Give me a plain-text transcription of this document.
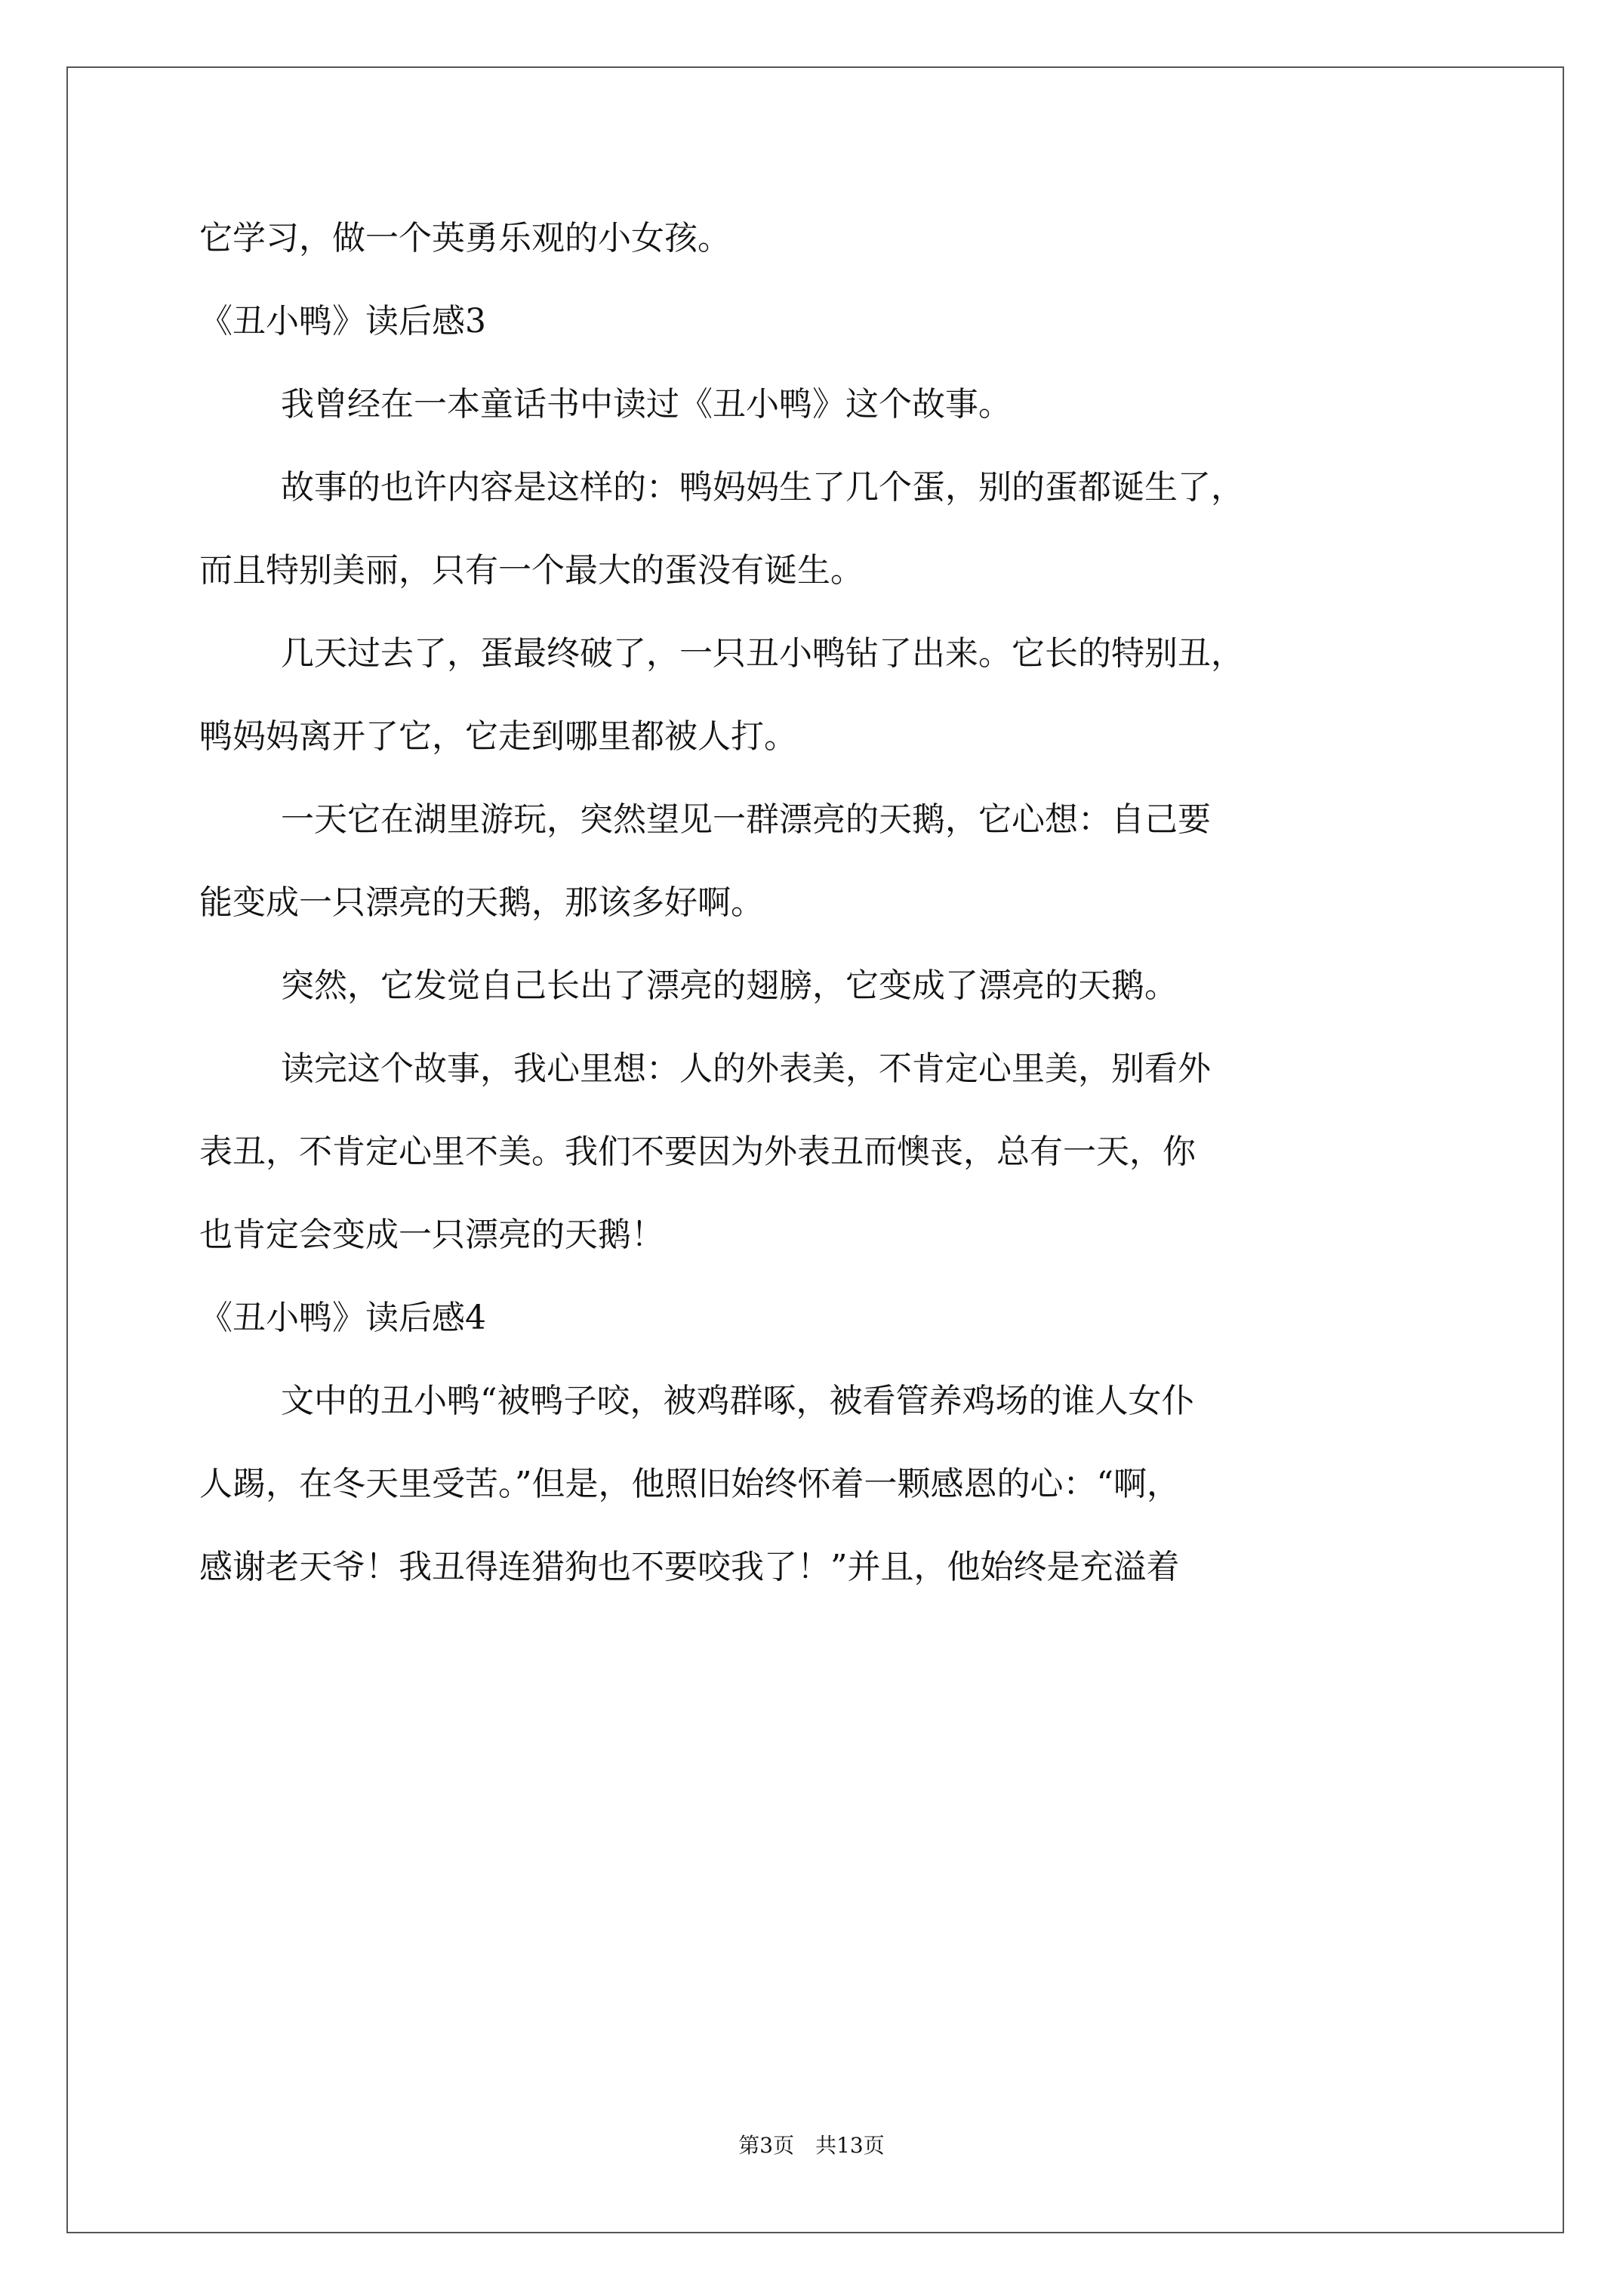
它学习，做一个英勇乐观的小女孩。
《丑小鸭》读后感3
我曾经在一本童话书中读过《丑小鸭》这个故事。
故事的也许内容是这样的：鸭妈妈生了几个蛋，别的蛋都诞生了，
而且特别美丽，只有一个最大的蛋没有诞生。
几天过去了，蛋最终破了，一只丑小鸭钻了出来。它长的特别丑，
鸭妈妈离开了它，它走到哪里都被人打。
一天它在湖里游玩，突然望见一群漂亮的天鹅，它心想：自己要
能变成一只漂亮的天鹅，那该多好啊。
突然，它发觉自己长出了漂亮的翅膀，它变成了漂亮的天鹅。
读完这个故事，我心里想：人的外表美，不肯定心里美，别看外
表丑，不肯定心里不美。我们不要因为外表丑而懊丧，总有一天，你
也肯定会变成一只漂亮的天鹅！
《丑小鸭》读后感4
文中的丑小鸭“被鸭子咬，被鸡群啄，被看管养鸡场的谁人女仆
人踢，在冬天里受苦。”但是，他照旧始终怀着一颗感恩的心：“啊，
感谢老天爷！我丑得连猎狗也不要咬我了！”并且，他始终是充溢着
第3页　共13页
